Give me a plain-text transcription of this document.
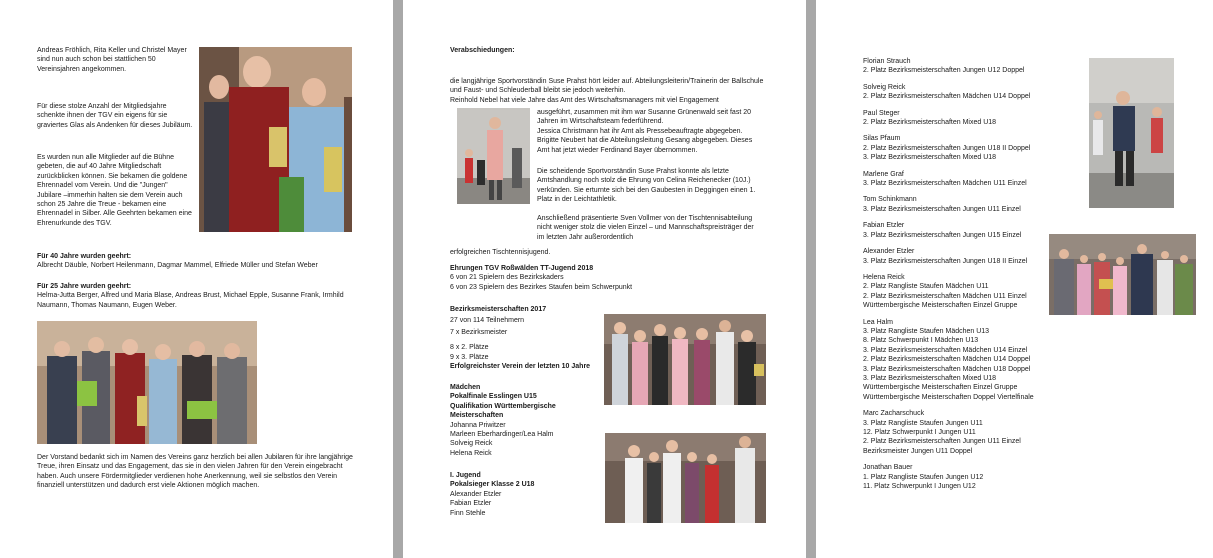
Andreas Fröhlich, Rita Keller und Christel Mayer sind nun auch schon bei stattlichen 50 Vereinsjahren angekommen.

Für diese stolze Anzahl der Mitgliedsjahre schenkte ihnen der TGV ein eigens für sie graviertes Glas als Andenken für dieses Jubiläum.

Es wurden nun alle Mitglieder auf die Bühne gebeten, die auf 40 Jahre Mitgliedschaft zurückblicken können. Sie bekamen die goldene Ehrennadel vom Verein. Und die "Jungen" Jubilare –immerhin halten sie dem Verein auch schon 25 Jahre die Treue - bekamen eine Ehrennadel in Silber. Alle Geehrten bekamen eine Ehrenurkunde des TGV.

Für 40 Jahre wurden geehrt:

Albrecht Däuble, Norbert Heilenmann, Dagmar Mammel, Elfriede Müller und Stefan Weber

Für 25 Jahre wurden geehrt:

Helma-Jutta Berger, Alfred und Maria Blase, Andreas Brust, Michael Epple, Susanne Frank, Irmhild Naumann, Thomas Naumann, Eugen Weber.

Der Vorstand bedankt sich im Namen des Vereins ganz herzlich bei allen Jubilaren für ihre langjährige Treue, ihren Einsatz und das Engagement, das sie in den vielen Jahren für den Verein eingebracht haben. Auch unsere Fördermitglieder verdienen hohe Anerkennung, weil sie selbstlos den Verein finanziell unterstützen und dadurch erst viele Aktionen möglich machen.

Verabschiedungen:

die langjährige Sportvorständin Suse Prahst hört leider auf. Abteilungsleiterin/Trainerin der Ballschule und Faust- und Schleuderball bleibt sie jedoch weiterhin.

Reinhold Nebel hat viele Jahre das Amt des Wirtschaftsmanagers mit viel Engagement

ausgeführt, zusammen mit ihm war Susanne Grünenwald seit fast 20 Jahren im Wirtschaftsteam federführend.

Jessica Christmann hat ihr Amt als Pressebeauftragte abgegeben.

Brigitte Neubert hat die Abteilungsleitung Gesang abgegeben. Dieses Amt hat jetzt wieder Ferdinand Bayer übernommen.

Die scheidende Sportvorständin Suse Prahst konnte als letzte Amtshandlung noch stolz die Ehrung von Celina Reichenecker (10J.) verkünden. Sie erturnte sich bei den Gaubesten in Deggingen einen 1. Platz in der Leichtathletik.

Anschließend präsentierte Sven Vollmer von der Tischtennisabteilung nicht weniger stolz die vielen Einzel – und Mannschaftspreisträger der im letzten Jahr außerordentlich

erfolgreichen Tischtennisjugend.

Ehrungen TGV Roßwälden TT-Jugend 2018

6 von 21 Spielern des Bezirkskaders

6 von 23 Spielern des Bezirkes Staufen beim Schwerpunkt

Bezirksmeisterschaften 2017

27 von 114 Teilnehmern

7 x Bezirksmeister

8 x 2. Plätze

9 x 3. Plätze

Erfolgreichster Verein der letzten 10 Jahre

Mädchen

Pokalfinale Esslingen U15

Qualifikation Württembergische Meisterschaften

Johanna Priwitzer

Marleen Eberhardinger/Lea Halm

Solveig Reick

Helena Reick

I. Jugend

Pokalsieger Klasse 2 U18

Alexander Etzler

Fabian Etzler

Finn Stehle

Florian Strauch

2. Platz Bezirksmeisterschaften Jungen U12 Doppel

Solveig Reick

2. Platz Bezirksmeisterschaften Mädchen U14 Doppel

Paul Steger

2. Platz Bezirksmeisterschaften Mixed U18

Silas Pfaum

2. Platz Bezirksmeisterschaften Jungen U18 II Doppel

3. Platz Bezirksmeisterschaften Mixed U18

Marlene Graf

3. Platz Bezirksmeisterschaften Mädchen U11 Einzel

Tom Schinkmann

3. Platz Bezirksmeisterschaften Jungen U11 Einzel

Fabian Etzler

3. Platz Bezirksmeisterschaften Jungen U15 Einzel

Alexander Etzler

3. Platz Bezirksmeisterschaften Jungen U18 II Einzel

Helena Reick

2. Platz Rangliste Staufen Mädchen U11

2. Platz Bezirksmeisterschaften Mädchen U11 Einzel

Württembergische Meisterschaften Einzel Gruppe

Lea Halm

3. Platz Rangliste Staufen Mädchen U13

8. Platz Schwerpunkt I Mädchen U13

3. Platz Bezirksmeisterschaften Mädchen U14 Einzel

2. Platz Bezirksmeisterschaften Mädchen U14 Doppel

3. Platz Bezirksmeisterschaften Mädchen U18 Doppel

3. Platz Bezirksmeisterschaften Mixed U18

Württembergische Meisterschaften Einzel Gruppe

Württembergische Meisterschaften Doppel Viertelfinale

Marc Zacharschuck

3. Platz Rangliste Staufen Jungen U11

12. Platz Schwerpunkt I Jungen U11

2. Platz Bezirksmeisterschaften Jungen U11 Einzel

Bezirksmeister Jungen U11 Doppel

Jonathan Bauer

1. Platz Rangliste Staufen Jungen U12

11. Platz Schwerpunkt I Jungen U12
